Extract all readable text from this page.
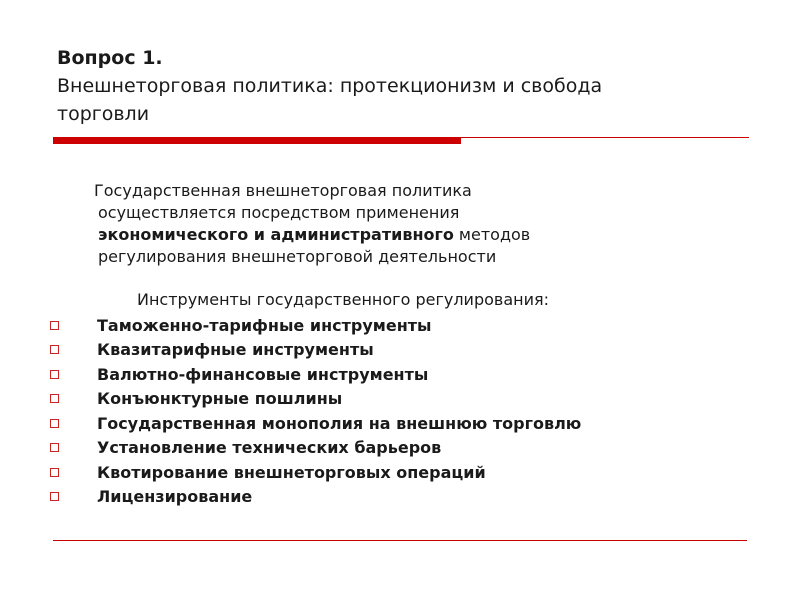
Вопрос 1.
Внешнеторговая политика: протекционизм и свобода
торговли
Государственная внешнеторговая политика
осуществляется посредством применения
экономического и административного методов
регулирования внешнеторговой деятельности
Инструменты государственного регулирования:
Таможенно-тарифные инструменты
Квазитарифные инструменты
Валютно-финансовые инструменты
Конъюнктурные пошлины
Государственная монополия на внешнюю торговлю
Установление технических барьеров
Квотирование внешнеторговых операций
Лицензирование
